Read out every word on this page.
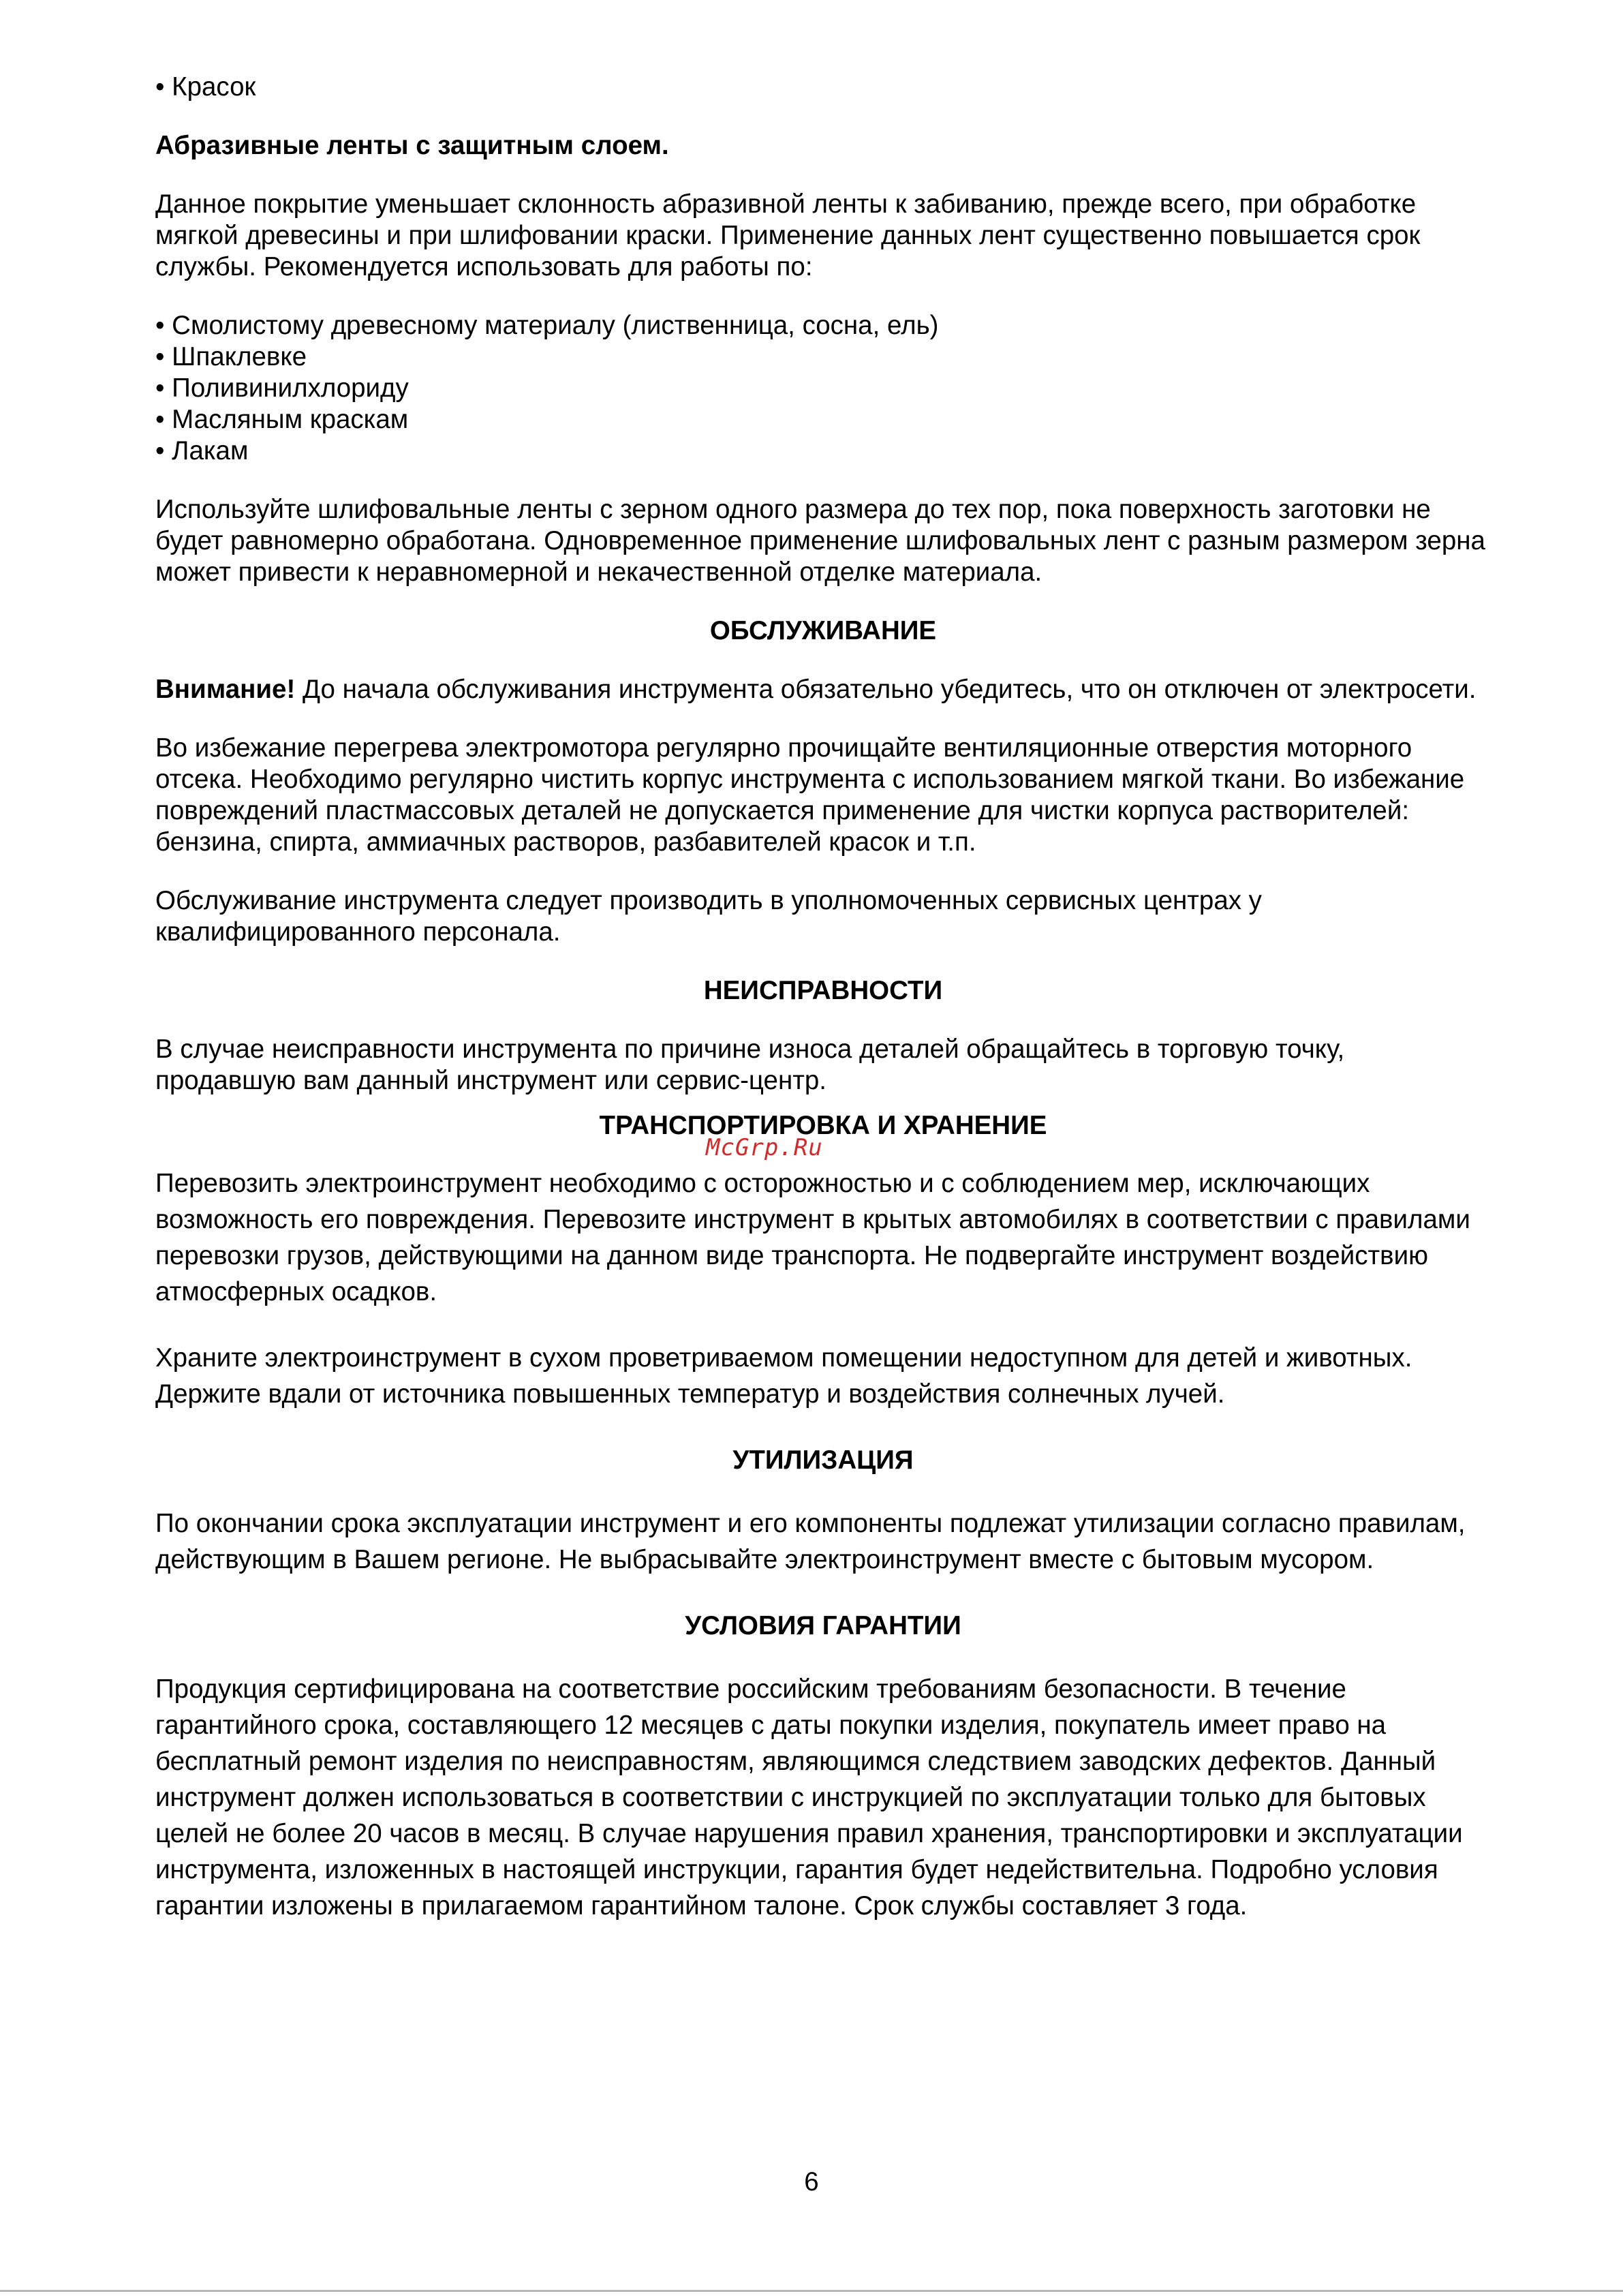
• Красок

Абразивные ленты с защитным слоем.

Данное покрытие уменьшает склонность абразивной ленты к забиванию, прежде всего, при обработке мягкой древесины и при шлифовании краски. Применение данных лент существенно повышается срок службы. Рекомендуется использовать для работы по:

• Смолистому древесному материалу (лиственница, сосна, ель)
• Шпаклевке
• Поливинилхлориду
• Масляным краскам
• Лакам

Используйте шлифовальные ленты с зерном одного размера до тех пор, пока поверхность заготовки не будет равномерно обработана. Одновременное применение шлифовальных лент с разным размером зерна может привести к неравномерной и некачественной отделке материала.

ОБСЛУЖИВАНИЕ

Внимание! До начала обслуживания инструмента обязательно убедитесь, что он отключен от электросети.

Во избежание перегрева электромотора регулярно прочищайте вентиляционные отверстия моторного отсека. Необходимо регулярно чистить корпус инструмента с использованием мягкой ткани. Во избежание повреждений пластмассовых деталей не допускается применение для чистки корпуса растворителей: бензина, спирта, аммиачных растворов, разбавителей красок и т.п.

Обслуживание инструмента следует производить в уполномоченных сервисных центрах у квалифицированного персонала.

НЕИСПРАВНОСТИ

В случае неисправности инструмента по причине износа деталей обращайтесь в торговую точку, продавшую вам данный инструмент или сервис-центр.

ТРАНСПОРТИРОВКА И ХРАНЕНИЕ

Перевозить электроинструмент необходимо с осторожностью и с соблюдением мер, исключающих возможность его повреждения. Перевозите инструмент в крытых автомобилях в соответствии с правилами перевозки грузов, действующими на данном виде транспорта. Не подвергайте инструмент воздействию атмосферных осадков.

Храните электроинструмент в сухом проветриваемом помещении недоступном для детей и животных. Держите вдали от источника повышенных температур и воздействия солнечных лучей.

УТИЛИЗАЦИЯ

По окончании срока эксплуатации инструмент и его компоненты подлежат утилизации согласно правилам, действующим в Вашем регионе. Не выбрасывайте электроинструмент вместе с бытовым мусором.

УСЛОВИЯ ГАРАНТИИ

Продукция сертифицирована на соответствие российским требованиям безопасности. В течение гарантийного срока, составляющего 12 месяцев с даты покупки изделия, покупатель имеет право на бесплатный ремонт изделия по неисправностям, являющимся следствием заводских дефектов. Данный инструмент должен использоваться в соответствии с инструкцией по эксплуатации только для бытовых целей не более 20 часов в месяц. В случае нарушения правил хранения, транспортировки и эксплуатации инструмента, изложенных в настоящей инструкции, гарантия будет недействительна. Подробно условия гарантии изложены в прилагаемом гарантийном талоне. Срок службы составляет 3 года.

McGrp.Ru
6
